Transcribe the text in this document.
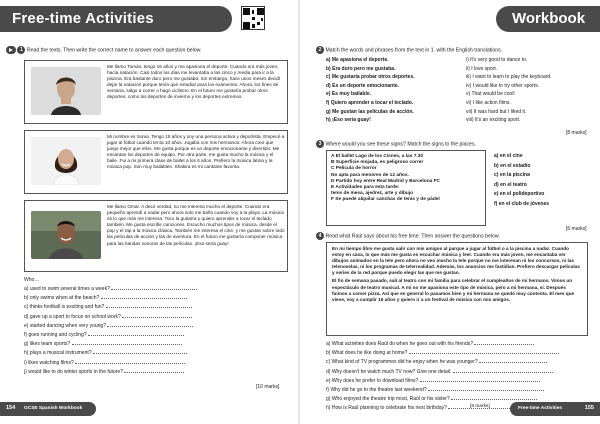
Free-time Activities
1 Read the texts. Then write the correct name to answer each question below.
Me llamo Tomás, tengo 16 años y me apasiona el deporte. Cuando era más joven, hacía natación. Casi todos los días me levantaba a las cinco y media para ir a la piscina. Era bastante duro pero me gustaba. Sin embargo, hace unos meses decidí dejar la natación porque tenía que estudiar para los exámenes. Ahora, los fines de semana, salgo a correr o hago ciclismo. En el futuro me gustaría probar otros deportes, como los deportes de invierno y los deportes extremos.
Mi nombre es Sonia. Tengo 15 años y soy una persona activa y deportista. Empecé a jugar al fútbol cuando tenía 10 años. Jugaba con mis hermanos. Ahora creo que juego mejor que ellos. Me gusta porque es un deporte emocionante y divertido. Me encantan los deportes de equipo. Por otra parte, me gusta mucho la música y el baile. Fui a mi primera clase de ballet a los 6 años. Prefiero la música latina y la música pop. Son muy bailables. Shakira es mi cantante favorita.
Me llamo Omar. A decir verdad, no me interesa mucho el deporte. Cuando era pequeño aprendí a nadar pero ahora solo me baño cuando voy a la playa. La música es lo que más me interesa. Toco la guitarra y quiero aprender a tocar el teclado también. Me gusta escribir canciones. Escucho muchos tipos de música, desde el pop y el rap a la música clásica. También me interesa el cine, y me gustan sobre todo las películas de acción y las de aventura. En el futuro me gustaría componer música para las bandas sonoras de las películas. ¡Eso sería guay!
Who…
a) used to swim several times a week?
b) only swims when at the beach?
c) thinks football is exciting and fun?
d) gave up a sport to focus on school work?
e) started dancing when very young?
f) goes running and cycling?
g) likes team sports?
h) plays a musical instrument?
i) likes watching films?
j) would like to do winter sports in the future?
[10 marks]
154 GCSE Spanish Workbook
Workbook
2 Match the words and phrases from the text in 1. with the English translations.
a) Me apasiona el deporte.	i) It's very good to dance to.
b) Era duro pero me gustaba.	ii) I love sport.
c) Me gustaría probar otros deportes.	iii) I want to learn to play the keyboard.
d) Es un deporte emocionante.	iv) I would like to try other sports.
e) Es muy bailable.	v) That would be cool!
f) Quiero aprender a tocar el teclado.	vi) I like action films.
g) Me gustan las películas de acción.	vii) It was hard but I liked it.
h) ¡Eso sería guay!	viii) It's an exciting sport.
[8 marks]
3 Where would you see these signs? Match the signs to the places.
A El ballet Lago de los Cisnes, a las 7.30
B Superficie mojada, es peligroso correr
C Película de horror
No apta para menores de 12 años.
D Partido hoy entre Real Madrid y Barcelona FC
E Actividades para esta tarde:
tenis de mesa, ajedrez, arte y dibujo
F Se puede alquilar canchas de tenis y de pádel
a) en el cine
b) en el estadio
c) en la piscina
d) en el teatro
e) en el polideportivo
f) en el club de jóvenes
[6 marks]
4 Read what Raúl says about his free time. Then answer the questions below.
En mi tiempo libre me gusta salir con mis amigos al parque a jugar al fútbol o a la piscina a nadar. Cuando estoy en casa, lo que más me gusta es escuchar música y leer. Cuando era más joven, me encantaba ver dibujos animados en la tele pero ahora no veo mucho la tele porque no me interesan ni los concursos, ni las telenovelas, ni los programas de telerrealidad. Además, los anuncios me fastidian. Prefiero descargar películas y series de la red porque puedo elegir las que me gustan.
El fin de semana pasado, salí al teatro con mi familia para celebrar el cumpleaños de mi hermano. Vimos un espectáculo de teatro musical. A mí no me apasiona este tipo de música, pero a mi hermana, sí. Después fuimos a comer pizza. Así que en general lo pasamos bien y mi hermana se quedó muy contenta. El mes que viene, voy a cumplir 16 años y quiero ir a un festival de música con mis amigos.
a) What activities does Raúl do when he goes out with his friends?
b) What does he like doing at home?
c) What kind of TV programmes did he enjoy when he was younger?
d) Why doesn't he watch much TV now? Give one detail.
e) Why does he prefer to download films?
f) Why did he go to the theatre last weekend?
g) Who enjoyed the theatre trip most, Raúl or his sister?
h) How is Raúl planning to celebrate his next birthday?	Free-time Activities	155
[8 marks]
